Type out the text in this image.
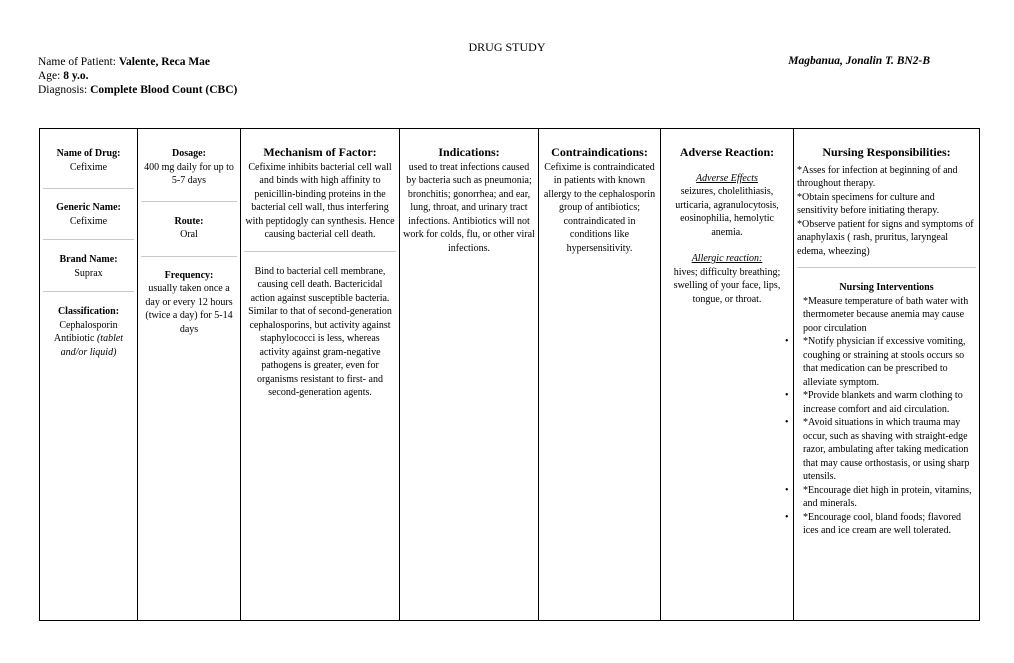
DRUG STUDY
Name of Patient: Valente, Reca Mae
Age: 8 y.o.
Diagnosis: Complete Blood Count (CBC)
Magbanua, Jonalin T. BN2-B
Name of Drug:
Cefixime
Generic Name:
Cefixime
Brand Name:
Suprax
Classification:
Cephalosporin Antibiotic (tablet and/or liquid)

Dosage:
400 mg daily for up to 5-7 days
Route:
Oral
Frequency:
usually taken once a day or every 12 hours (twice a day) for 5-14 days

Mechanism of Factor:
Cefixime inhibits bacterial cell wall and binds with high affinity to penicillin-binding proteins in the bacterial cell wall, thus interfering with peptidogly can synthesis. Hence causing bacterial cell death.
Bind to bacterial cell membrane, causing cell death. Bactericidal action against susceptible bacteria. Similar to that of second-generation cephalosporins, but activity against staphylococci is less, whereas activity against gram-negative pathogens is greater, even for organisms resistant to first- and second-generation agents.

Indications:
used to treat infections caused by bacteria such as pneumonia; bronchitis; gonorrhea; and ear, lung, throat, and urinary tract infections. Antibiotics will not work for colds, flu, or other viral infections.

Contraindications:
Cefixime is contraindicated in patients with known allergy to the cephalosporin group of antibiotics; contraindicated in conditions like hypersensitivity.

Adverse Reaction:
Adverse Effects
seizures, cholelithiasis, urticaria, agranulocytosis, eosinophilia, hemolytic anemia.
Allergic reaction:
hives; difficulty breathing; swelling of your face, lips, tongue, or throat.

Nursing Responsibilities:

*Asses for infection at beginning of and throughout therapy.

*Obtain specimens for culture and sensitivity before initiating therapy.

*Observe patient for signs and symptoms of anaphylaxis ( rash, pruritus, laryngeal edema, wheezing)

Nursing Interventions
*Measure temperature of bath water with thermometer because anemia may cause poor circulation
• *Notify physician if excessive vomiting, coughing or straining at stools occurs so that medication can be prescribed to alleviate symptom.
• *Provide blankets and warm clothing to increase comfort and aid circulation.
• *Avoid situations in which trauma may occur, such as shaving with straight-edge razor, ambulating after taking medication that may cause orthostasis, or using sharp utensils.
• *Encourage diet high in protein, vitamins, and minerals.
• *Encourage cool, bland foods; flavored ices and ice cream are well tolerated.
